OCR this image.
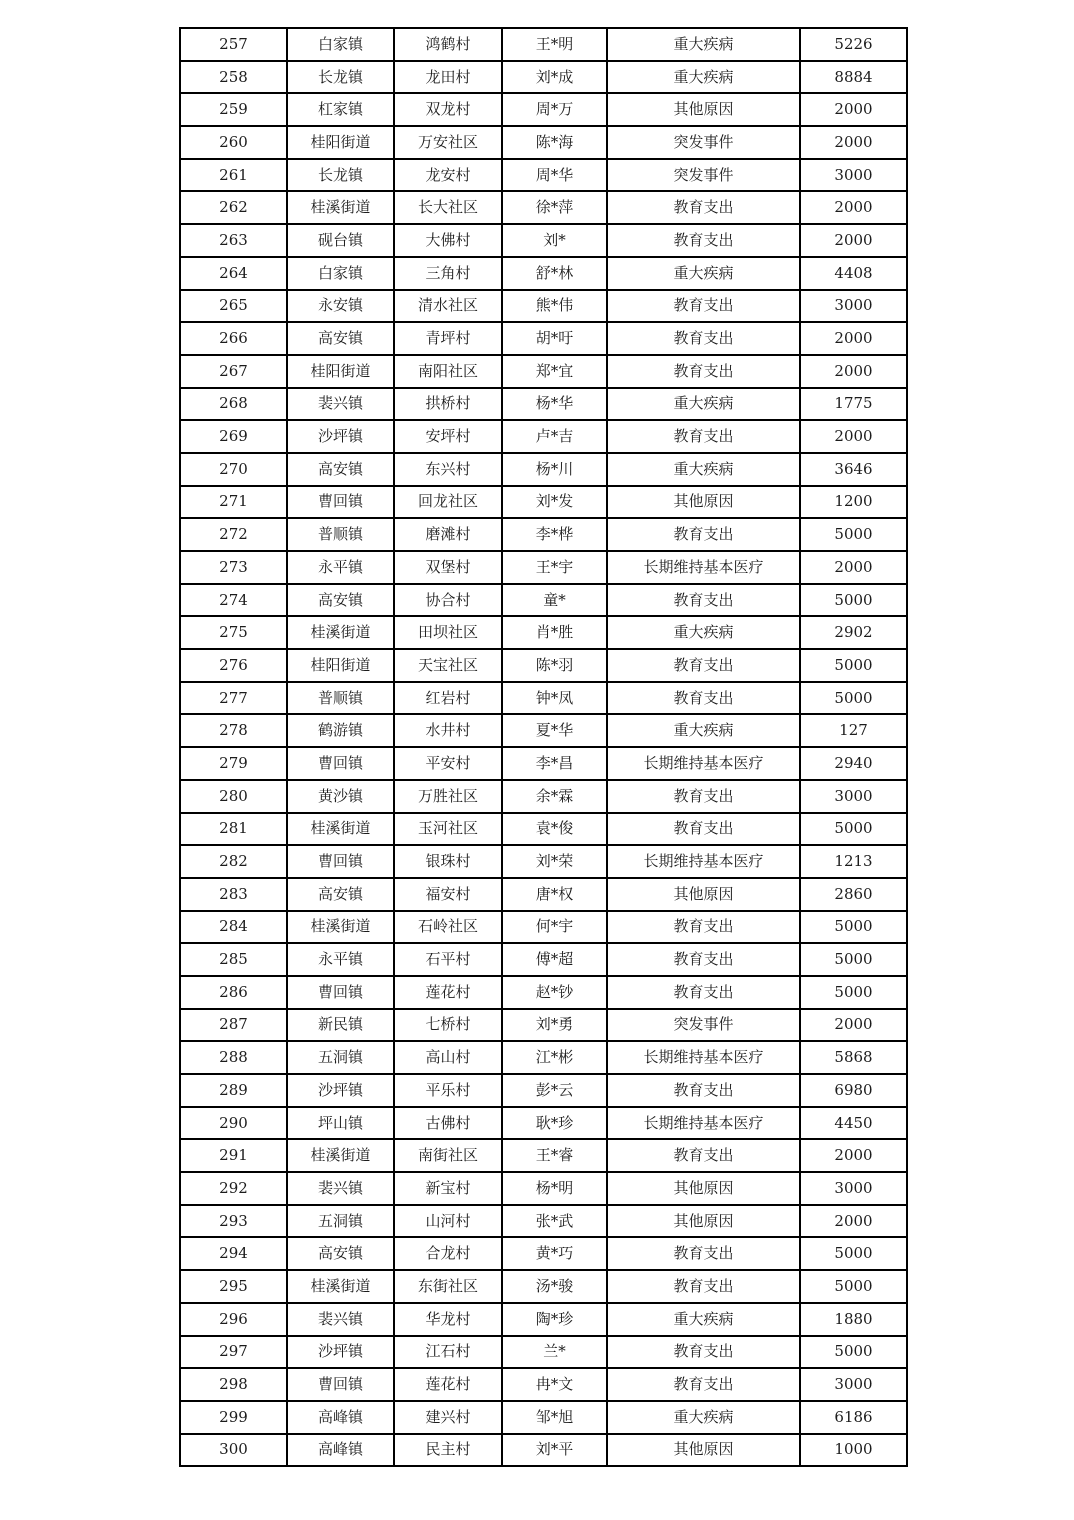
257	白家镇	鸿鹤村	王*明	重大疾病	5226
258	长龙镇	龙田村	刘*成	重大疾病	8884
259	杠家镇	双龙村	周*万	其他原因	2000
260	桂阳街道	万安社区	陈*海	突发事件	2000
261	长龙镇	龙安村	周*华	突发事件	3000
262	桂溪街道	长大社区	徐*萍	教育支出	2000
263	砚台镇	大佛村	刘*	教育支出	2000
264	白家镇	三角村	舒*林	重大疾病	4408
265	永安镇	清水社区	熊*伟	教育支出	3000
266	高安镇	青坪村	胡*吁	教育支出	2000
267	桂阳街道	南阳社区	郑*宜	教育支出	2000
268	裴兴镇	拱桥村	杨*华	重大疾病	1775
269	沙坪镇	安坪村	卢*吉	教育支出	2000
270	高安镇	东兴村	杨*川	重大疾病	3646
271	曹回镇	回龙社区	刘*发	其他原因	1200
272	普顺镇	磨滩村	李*桦	教育支出	5000
273	永平镇	双堡村	王*宇	长期维持基本医疗	2000
274	高安镇	协合村	童*	教育支出	5000
275	桂溪街道	田坝社区	肖*胜	重大疾病	2902
276	桂阳街道	天宝社区	陈*羽	教育支出	5000
277	普顺镇	红岩村	钟*凤	教育支出	5000
278	鹤游镇	水井村	夏*华	重大疾病	127
279	曹回镇	平安村	李*昌	长期维持基本医疗	2940
280	黄沙镇	万胜社区	余*霖	教育支出	3000
281	桂溪街道	玉河社区	袁*俊	教育支出	5000
282	曹回镇	银珠村	刘*荣	长期维持基本医疗	1213
283	高安镇	福安村	唐*权	其他原因	2860
284	桂溪街道	石岭社区	何*宇	教育支出	5000
285	永平镇	石平村	傅*超	教育支出	5000
286	曹回镇	莲花村	赵*钞	教育支出	5000
287	新民镇	七桥村	刘*勇	突发事件	2000
288	五洞镇	高山村	江*彬	长期维持基本医疗	5868
289	沙坪镇	平乐村	彭*云	教育支出	6980
290	坪山镇	古佛村	耿*珍	长期维持基本医疗	4450
291	桂溪街道	南街社区	王*睿	教育支出	2000
292	裴兴镇	新宝村	杨*明	其他原因	3000
293	五洞镇	山河村	张*武	其他原因	2000
294	高安镇	合龙村	黄*巧	教育支出	5000
295	桂溪街道	东街社区	汤*骏	教育支出	5000
296	裴兴镇	华龙村	陶*珍	重大疾病	1880
297	沙坪镇	江石村	兰*	教育支出	5000
298	曹回镇	莲花村	冉*文	教育支出	3000
299	高峰镇	建兴村	邹*旭	重大疾病	6186
300	高峰镇	民主村	刘*平	其他原因	1000
